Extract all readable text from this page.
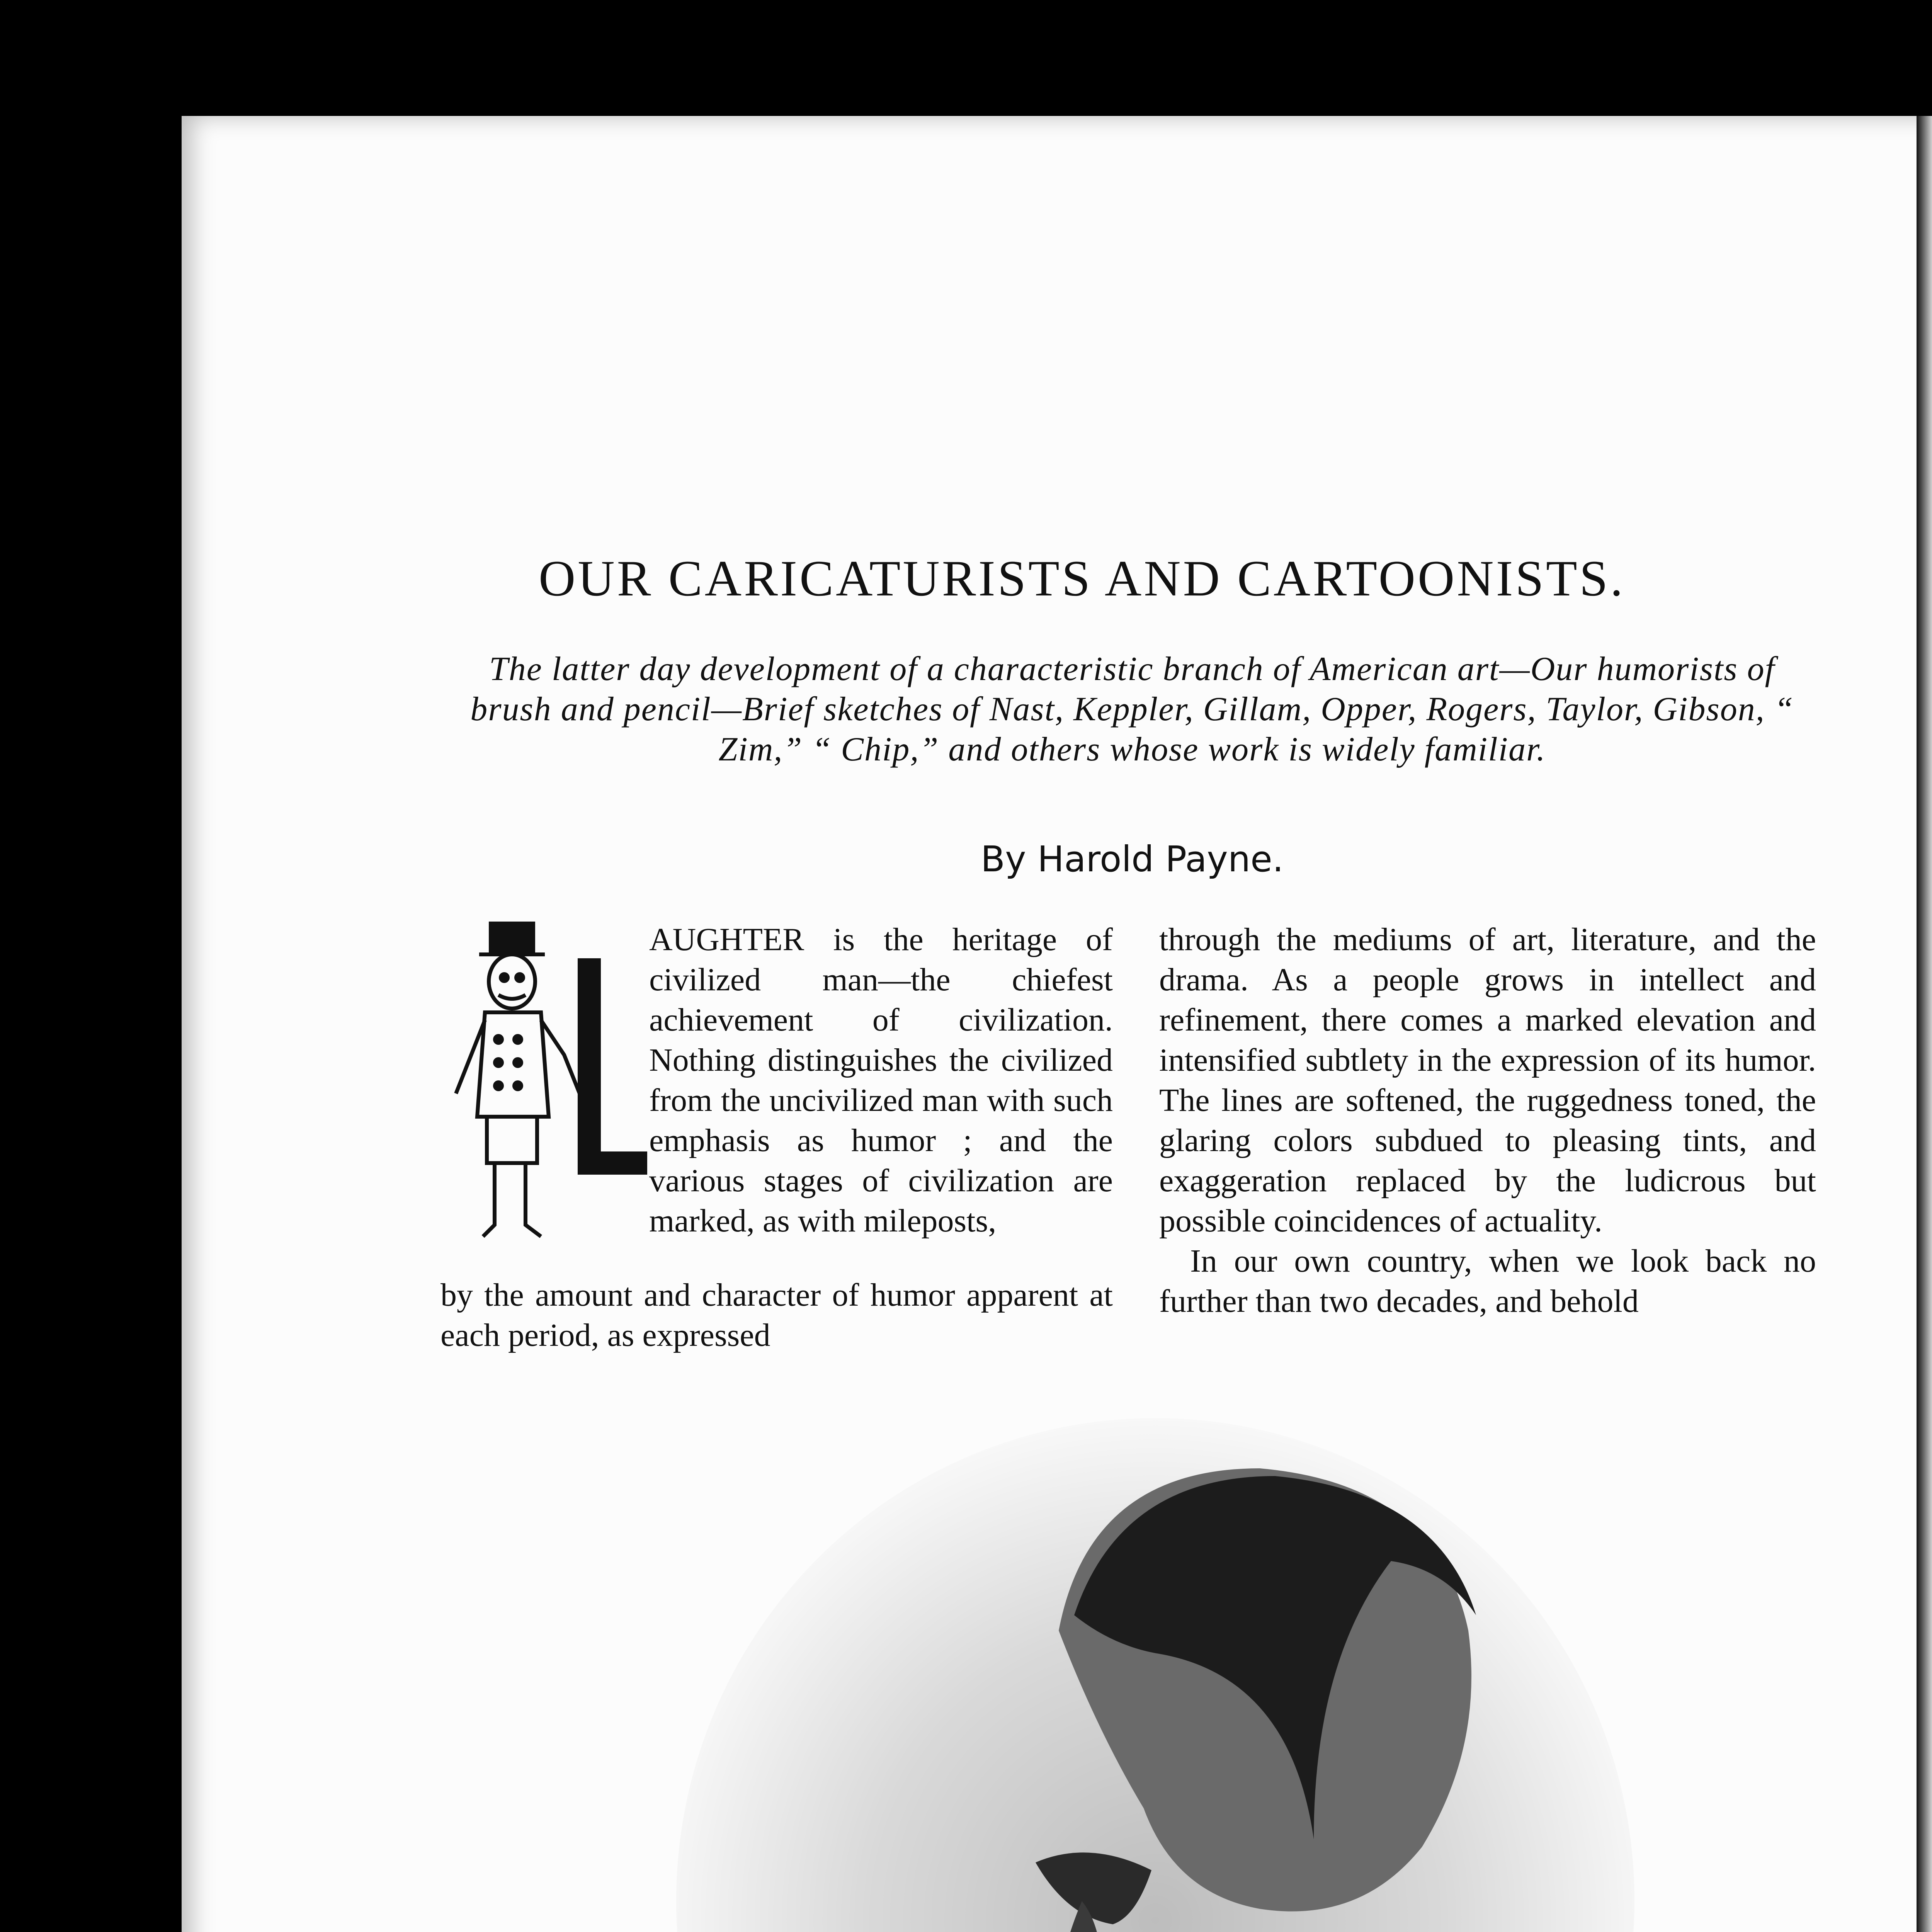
OUR CARICATURISTS AND CARTOONISTS.
The latter day development of a characteristic branch of American art—Our humorists of brush and pencil—Brief sketches of Nast, Keppler, Gillam, Opper, Rogers, Taylor, Gibson, “ Zim,” “ Chip,” and others whose work is widely familiar.
By Harold Payne.
AUGHTER is the heritage of civilized man—the chiefest achievement of civilization. Nothing distinguishes the civilized from the uncivilized man with such emphasis as humor ; and the various stages of civilization are marked, as with mileposts,
by the amount and character of humor apparent at each period, as expressed
through the mediums of art, literature, and the drama. As a people grows in intellect and refinement, there comes a marked elevation and intensified subtlety in the expression of its humor. The lines are softened, the ruggedness toned, the glaring colors subdued to pleasing tints, and exaggeration replaced by the ludicrous but possible coincidences of actuality.
In our own country, when we look back no further than two decades, and behold
